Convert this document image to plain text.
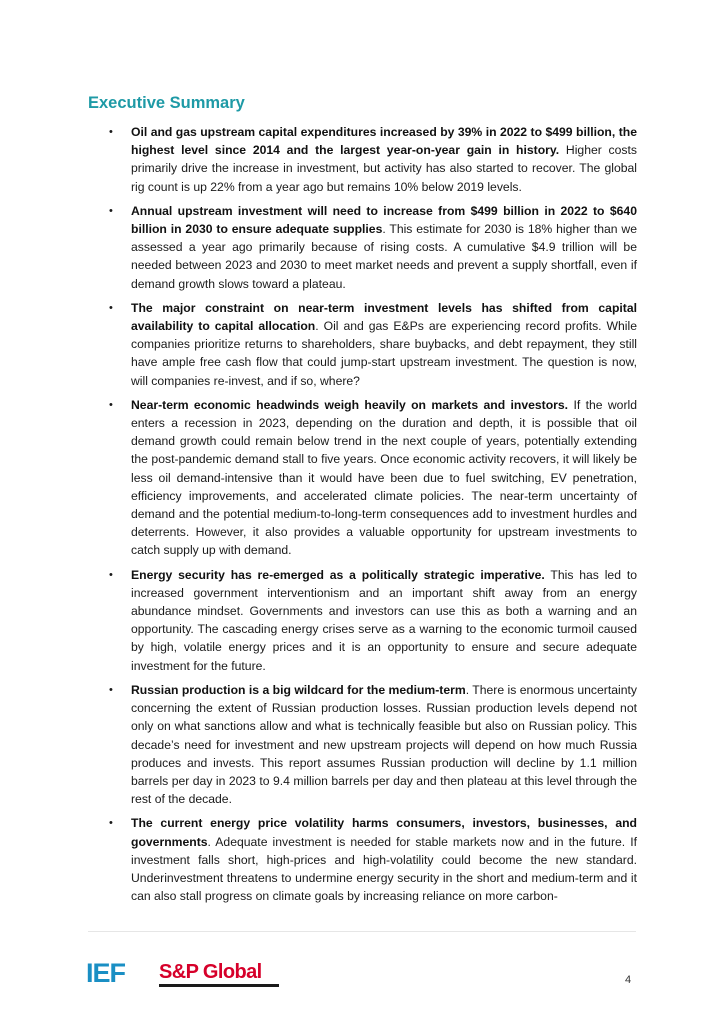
Executive Summary
• Oil and gas upstream capital expenditures increased by 39% in 2022 to $499 billion, the highest level since 2014 and the largest year-on-year gain in history. Higher costs primarily drive the increase in investment, but activity has also started to recover. The global rig count is up 22% from a year ago but remains 10% below 2019 levels.
• Annual upstream investment will need to increase from $499 billion in 2022 to $640 billion in 2030 to ensure adequate supplies. This estimate for 2030 is 18% higher than we assessed a year ago primarily because of rising costs. A cumulative $4.9 trillion will be needed between 2023 and 2030 to meet market needs and prevent a supply shortfall, even if demand growth slows toward a plateau.
• The major constraint on near-term investment levels has shifted from capital availability to capital allocation. Oil and gas E&Ps are experiencing record profits. While companies prioritize returns to shareholders, share buybacks, and debt repayment, they still have ample free cash flow that could jump-start upstream investment. The question is now, will companies re-invest, and if so, where?
• Near-term economic headwinds weigh heavily on markets and investors. If the world enters a recession in 2023, depending on the duration and depth, it is possible that oil demand growth could remain below trend in the next couple of years, potentially extending the post-pandemic demand stall to five years. Once economic activity recovers, it will likely be less oil demand-intensive than it would have been due to fuel switching, EV penetration, efficiency improvements, and accelerated climate policies. The near-term uncertainty of demand and the potential medium-to-long-term consequences add to investment hurdles and deterrents. However, it also provides a valuable opportunity for upstream investments to catch supply up with demand.
• Energy security has re-emerged as a politically strategic imperative. This has led to increased government interventionism and an important shift away from an energy abundance mindset. Governments and investors can use this as both a warning and an opportunity. The cascading energy crises serve as a warning to the economic turmoil caused by high, volatile energy prices and it is an opportunity to ensure and secure adequate investment for the future.
• Russian production is a big wildcard for the medium-term. There is enormous uncertainty concerning the extent of Russian production losses. Russian production levels depend not only on what sanctions allow and what is technically feasible but also on Russian policy. This decade’s need for investment and new upstream projects will depend on how much Russia produces and invests. This report assumes Russian production will decline by 1.1 million barrels per day in 2023 to 9.4 million barrels per day and then plateau at this level through the rest of the decade.
• The current energy price volatility harms consumers, investors, businesses, and governments. Adequate investment is needed for stable markets now and in the future. If investment falls short, high-prices and high-volatility could become the new standard. Underinvestment threatens to undermine energy security in the short and medium-term and it can also stall progress on climate goals by increasing reliance on more carbon-
IEF S&P Global	4
